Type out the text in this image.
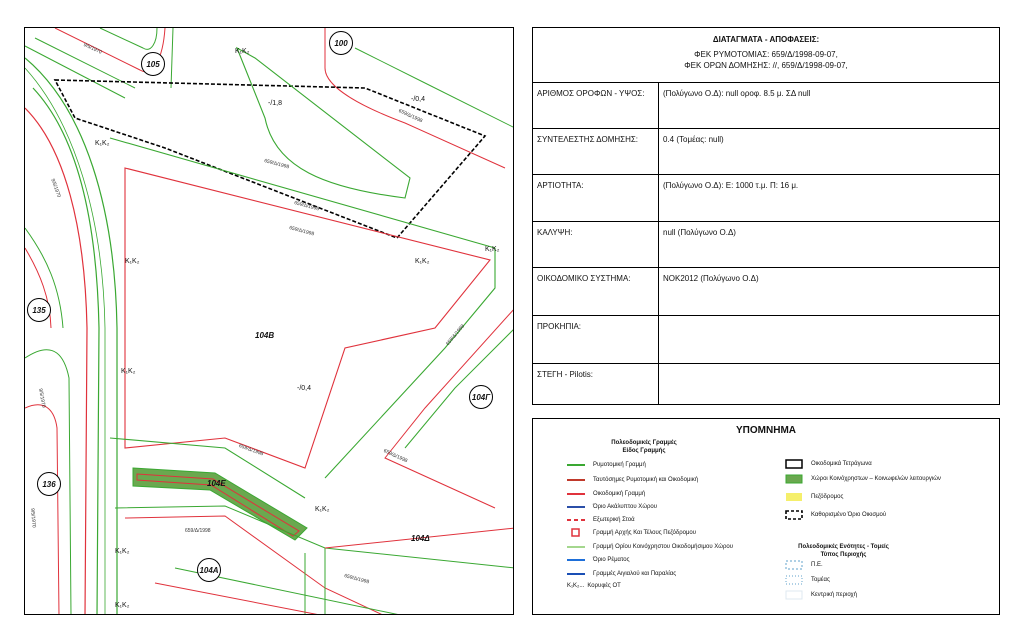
105
100
135
104Β
104Γ
136	104Ε
104Α
104Δ
-/1,8
-/0,4
-/0,4
659/Δ/1998
659/Δ/1998
659/Δ/1998
659/Δ/1998
659/Δ/1998
659/Δ/1998
659/Δ/1998	659/Δ/1998
659/Δ/1998
9/5/1970
9/5/1970
9/5/1970
9/5/1970
K₁K₂
K₁K₂
K₁K₂
K₁K₂
K₁K₂
K₁K₂
K₁K₂
K₁K₂
K₁K₂
ΔΙΑΤΑΓΜΑΤΑ - ΑΠΟΦΑΣΕΙΣ:
ΦΕΚ ΡΥΜΟΤΟΜΙΑΣ: 659/Δ/1998-09-07,
ΦΕΚ ΟΡΩΝ ΔΟΜΗΣΗΣ: //, 659/Δ/1998-09-07,
ΑΡΙΘΜΟΣ ΟΡΟΦΩΝ - ΥΨΟΣ:	(Πολύγωνο Ο.Δ): null οροφ. 8.5 μ. ΣΔ null
ΣΥΝΤΕΛΕΣΤΗΣ ΔΟΜΗΣΗΣ:	0.4 (Τομέας: null)
ΑΡΤΙΟΤΗΤΑ:	(Πολύγωνο Ο.Δ): Ε: 1000 τ.μ. Π: 16 μ.
ΚΑΛΥΨΗ:	null (Πολύγωνο Ο.Δ)
ΟΙΚΟΔΟΜΙΚΟ ΣΥΣΤΗΜΑ:	ΝΟΚ2012 (Πολύγωνο Ο.Δ)
ΠΡΟΚΗΠΙΑ:
ΣΤΕΓΗ - Pilotis:
ΥΠΟΜΝΗΜΑ
Πολεοδομικές Γραμμές
Είδος Γραμμής
Ρυμοτομική Γραμμή
Ταυτόσημες Ρυμοτομική και Οικοδομική
Οικοδομική Γραμμή
Όριο Ακάλυπτου Χώρου
Εξωτερική Στοά
Γραμμή Αρχής Και Τέλους Πεζόδρομου
Γραμμή Ορίου Κοινόχρηστου Οικοδομήσιμου Χώρου
Όριο Ρέματος
Γραμμές Αιγιαλού και Παραλίας
K₁K₂... Κορυφές ΟΤ
Οικοδομικά Τετράγωνα
Χώροι Κοινόχρηστων – Κοινωφελών λειτουργιών
Πεζόδρομος
Καθορισμένο Όριο Οικισμού
Πολεοδομικές Ενότητες - Τομείς
Τύπος Περιοχής
Π.Ε.
Τομέας
Κεντρική περιοχή
